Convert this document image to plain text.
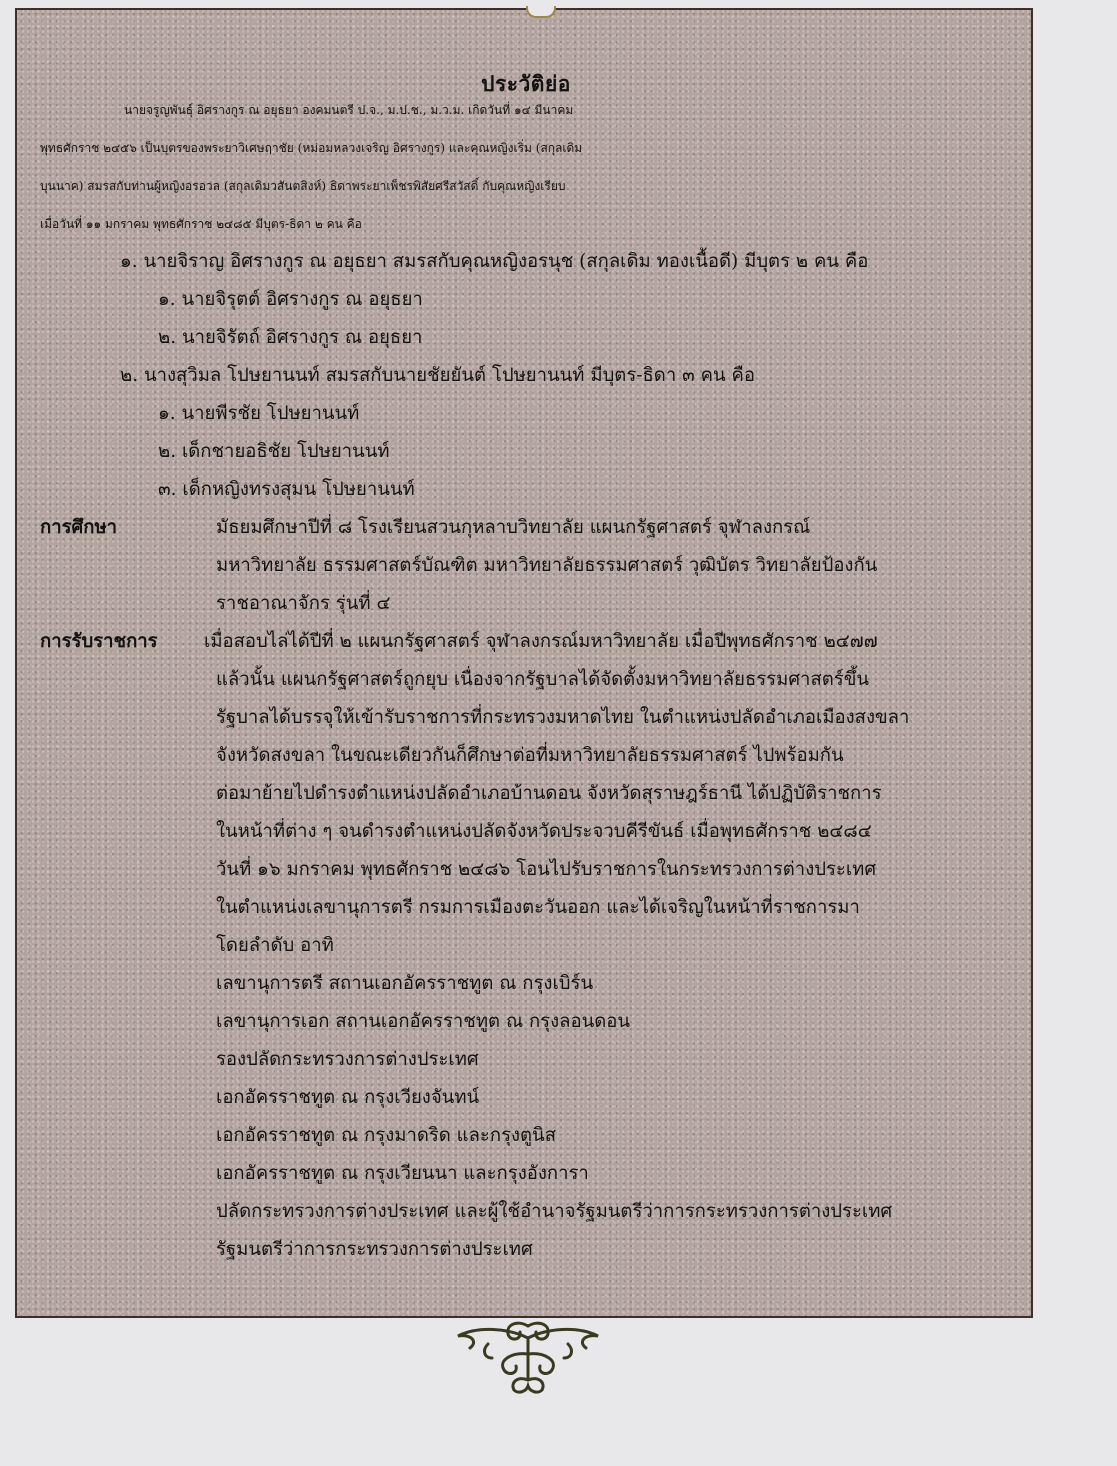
ประวัติย่อ
นายจรูญพันธุ์ อิศรางกูร ณ อยุธยา องคมนตรี ป.จ., ม.ป.ช., ม.ว.ม. เกิดวันที่ ๑๔ มีนาคม
พุทธศักราช ๒๔๕๖ เป็นบุตรของพระยาวิเศษฤาชัย (หม่อมหลวงเจริญ อิศรางกูร) และคุณหญิงเริ่ม (สกุลเดิม
บุนนาค) สมรสกับท่านผู้หญิงอรอวล (สกุลเดิมวสันตสิงห์) ธิดาพระยาเพ็ชรพิสัยศรีสวัสดิ์ กับคุณหญิงเรียบ
เมื่อวันที่ ๑๑ มกราคม พุทธศักราช ๒๔๘๕ มีบุตร-ธิดา ๒ คน คือ
๑. นายจิราญ อิศรางกูร ณ อยุธยา สมรสกับคุณหญิงอรนุช (สกุลเดิม ทองเนื้อดี) มีบุตร ๒ คน คือ
๑. นายจิรุตต์ อิศรางกูร ณ อยุธยา
๒. นายจิรัตถ์ อิศรางกูร ณ อยุธยา
๒. นางสุวิมล โปษยานนท์ สมรสกับนายชัยยันต์ โปษยานนท์ มีบุตร-ธิดา ๓ คน คือ
๑. นายพีรชัย โปษยานนท์
๒. เด็กชายอธิชัย โปษยานนท์
๓. เด็กหญิงทรงสุมน โปษยานนท์
การศึกษา	มัธยมศึกษาปีที่ ๘ โรงเรียนสวนกุหลาบวิทยาลัย แผนกรัฐศาสตร์ จุฬาลงกรณ์
มหาวิทยาลัย ธรรมศาสตร์บัณฑิต มหาวิทยาลัยธรรมศาสตร์ วุฒิบัตร วิทยาลัยป้องกัน
ราชอาณาจักร รุ่นที่ ๔
การรับราชการ	เมื่อสอบไล่ได้ปีที่ ๒ แผนกรัฐศาสตร์ จุฬาลงกรณ์มหาวิทยาลัย เมื่อปีพุทธศักราช ๒๔๗๗
แล้วนั้น แผนกรัฐศาสตร์ถูกยุบ เนื่องจากรัฐบาลได้จัดตั้งมหาวิทยาลัยธรรมศาสตร์ขึ้น
รัฐบาลได้บรรจุให้เข้ารับราชการที่กระทรวงมหาดไทย ในตำแหน่งปลัดอำเภอเมืองสงขลา
จังหวัดสงขลา ในขณะเดียวกันก็ศึกษาต่อที่มหาวิทยาลัยธรรมศาสตร์ ไปพร้อมกัน
ต่อมาย้ายไปดำรงตำแหน่งปลัดอำเภอบ้านดอน จังหวัดสุราษฎร์ธานี ได้ปฏิบัติราชการ
ในหน้าที่ต่าง ๆ จนดำรงตำแหน่งปลัดจังหวัดประจวบคีรีขันธ์ เมื่อพุทธศักราช ๒๔๘๔
วันที่ ๑๖ มกราคม พุทธศักราช ๒๔๘๖ โอนไปรับราชการในกระทรวงการต่างประเทศ
ในตำแหน่งเลขานุการตรี กรมการเมืองตะวันออก และได้เจริญในหน้าที่ราชการมา
โดยลำดับ อาทิ
เลขานุการตรี สถานเอกอัครราชทูต ณ กรุงเบิร์น
เลขานุการเอก สถานเอกอัครราชทูต ณ กรุงลอนดอน
รองปลัดกระทรวงการต่างประเทศ
เอกอัครราชทูต ณ กรุงเวียงจันทน์
เอกอัครราชทูต ณ กรุงมาดริด และกรุงตูนิส
เอกอัครราชทูต ณ กรุงเวียนนา และกรุงอังการา
ปลัดกระทรวงการต่างประเทศ และผู้ใช้อำนาจรัฐมนตรีว่าการกระทรวงการต่างประเทศ
รัฐมนตรีว่าการกระทรวงการต่างประเทศ
